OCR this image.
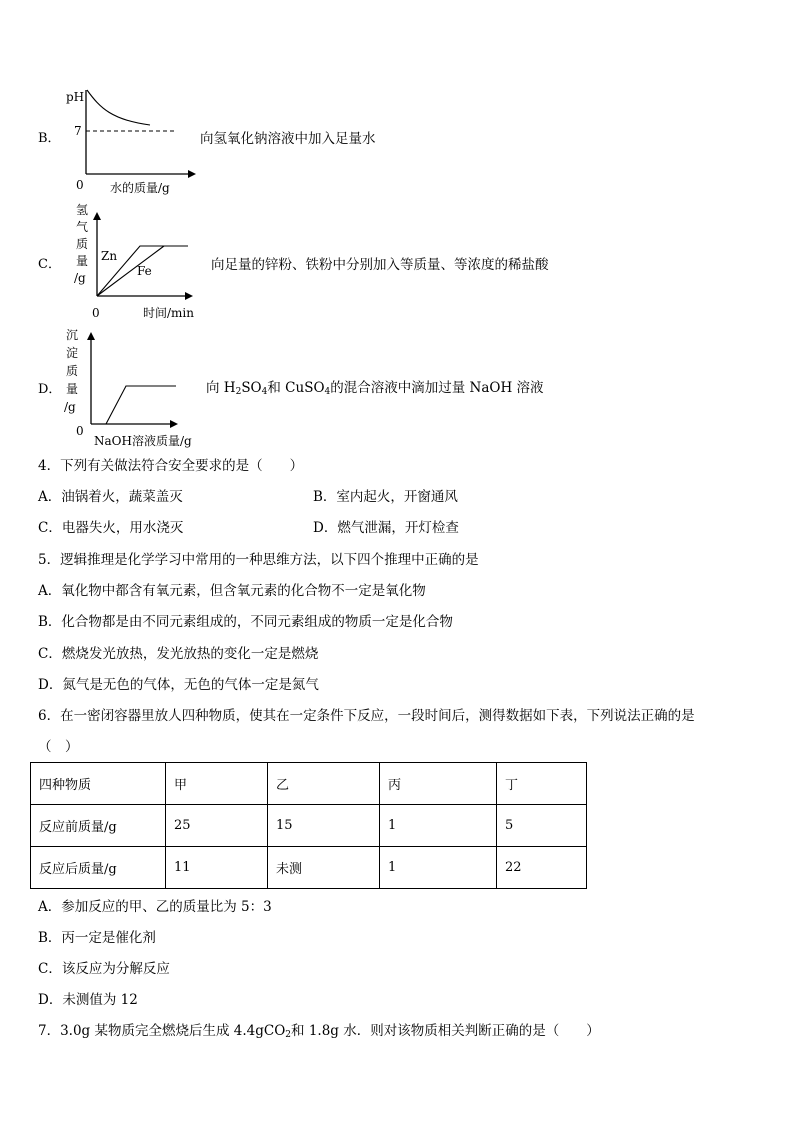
B．
pH
7
0 水的质量/g
向氢氧化钠溶液中加入足量水
C．
氢
气
质
量
/g
Zn
Fe
0	时间/min
向足量的锌粉、铁粉中分别加入等质量、等浓度的稀盐酸
D．
沉
淀
质
量
/g
0
NaOH溶液质量/g
向 $H_2SO_4$和 CuSO$_4$的混合溶液中滴加过量 NaOH 溶液
4．下列有关做法符合安全要求的是（　　）
A．油锅着火，蔬菜盖灭	B．室内起火，开窗通风
C．电器失火，用水浇灭	D．燃气泄漏，开灯检查
5．逻辑推理是化学学习中常用的一种思维方法，以下四个推理中正确的是
A．氧化物中都含有氧元素，但含氧元素的化合物不一定是氧化物
B．化合物都是由不同元素组成的，不同元素组成的物质一定是化合物
C．燃烧发光放热，发光放热的变化一定是燃烧
D．氮气是无色的气体，无色的气体一定是氮气
6．在一密闭容器里放人四种物质，使其在一定条件下反应，一段时间后，测得数据如下表，下列说法正确的是
（　）
四种物质	甲	乙	丙	丁
反应前质量/g	25	15	1	5
反应后质量/g	11	未测	1	22
A．参加反应的甲、乙的质量比为 5：3
B．丙一定是催化剂
C．该反应为分解反应
D．未测值为 12
7．3.0g 某物质完全燃烧后生成 4.4gCO$_2$和 1.8g 水．则对该物质相关判断正确的是（　　）
